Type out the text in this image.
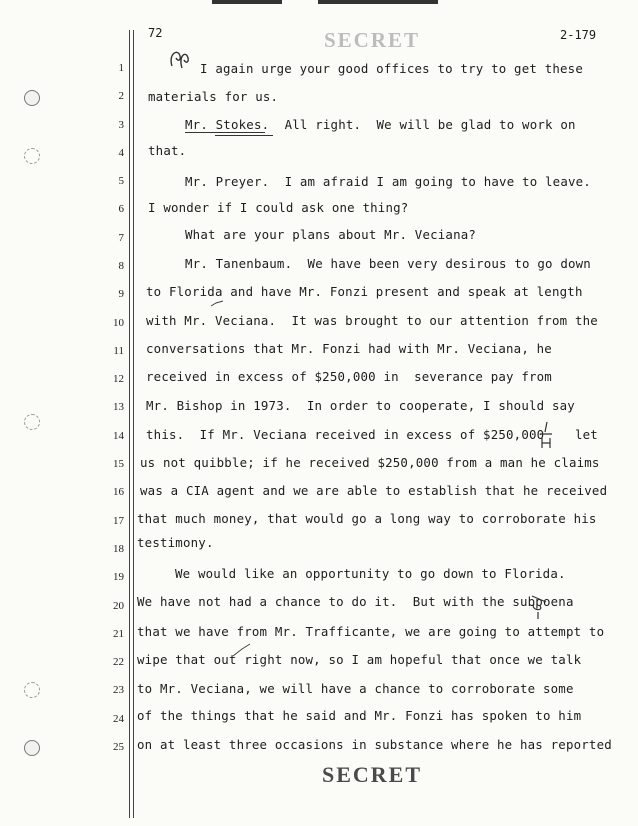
72	SECRET	2-179
1
2
3
4
5
6
7
8
9
10
11
12
13
14
15
16
17
18
19
20
21
22
23
24
25
I again urge your good offices to try to get these
materials for us.
Mr. Stokes.  All right.  We will be glad to work on
that.
Mr. Preyer.  I am afraid I am going to have to leave.
I wonder if I could ask one thing?
What are your plans about Mr. Veciana?
Mr. Tanenbaum.  We have been very desirous to go down
to Florida and have Mr. Fonzi present and speak at length
with Mr. Veciana.  It was brought to our attention from the
conversations that Mr. Fonzi had with Mr. Veciana, he
received in excess of $250,000 in  severance pay from
Mr. Bishop in 1973.  In order to cooperate, I should say
this.  If Mr. Veciana received in excess of $250,000    let
us not quibble; if he received $250,000 from a man he claims
was a CIA agent and we are able to establish that he received
that much money, that would go a long way to corroborate his
testimony.
We would like an opportunity to go down to Florida.
We have not had a chance to do it.  But with the subpoena
that we have from Mr. Trafficante, we are going to attempt to
wipe that out right now, so I am hopeful that once we talk
to Mr. Veciana, we will have a chance to corroborate some
of the things that he said and Mr. Fonzi has spoken to him
on at least three occasions in substance where he has reported
SECRET
